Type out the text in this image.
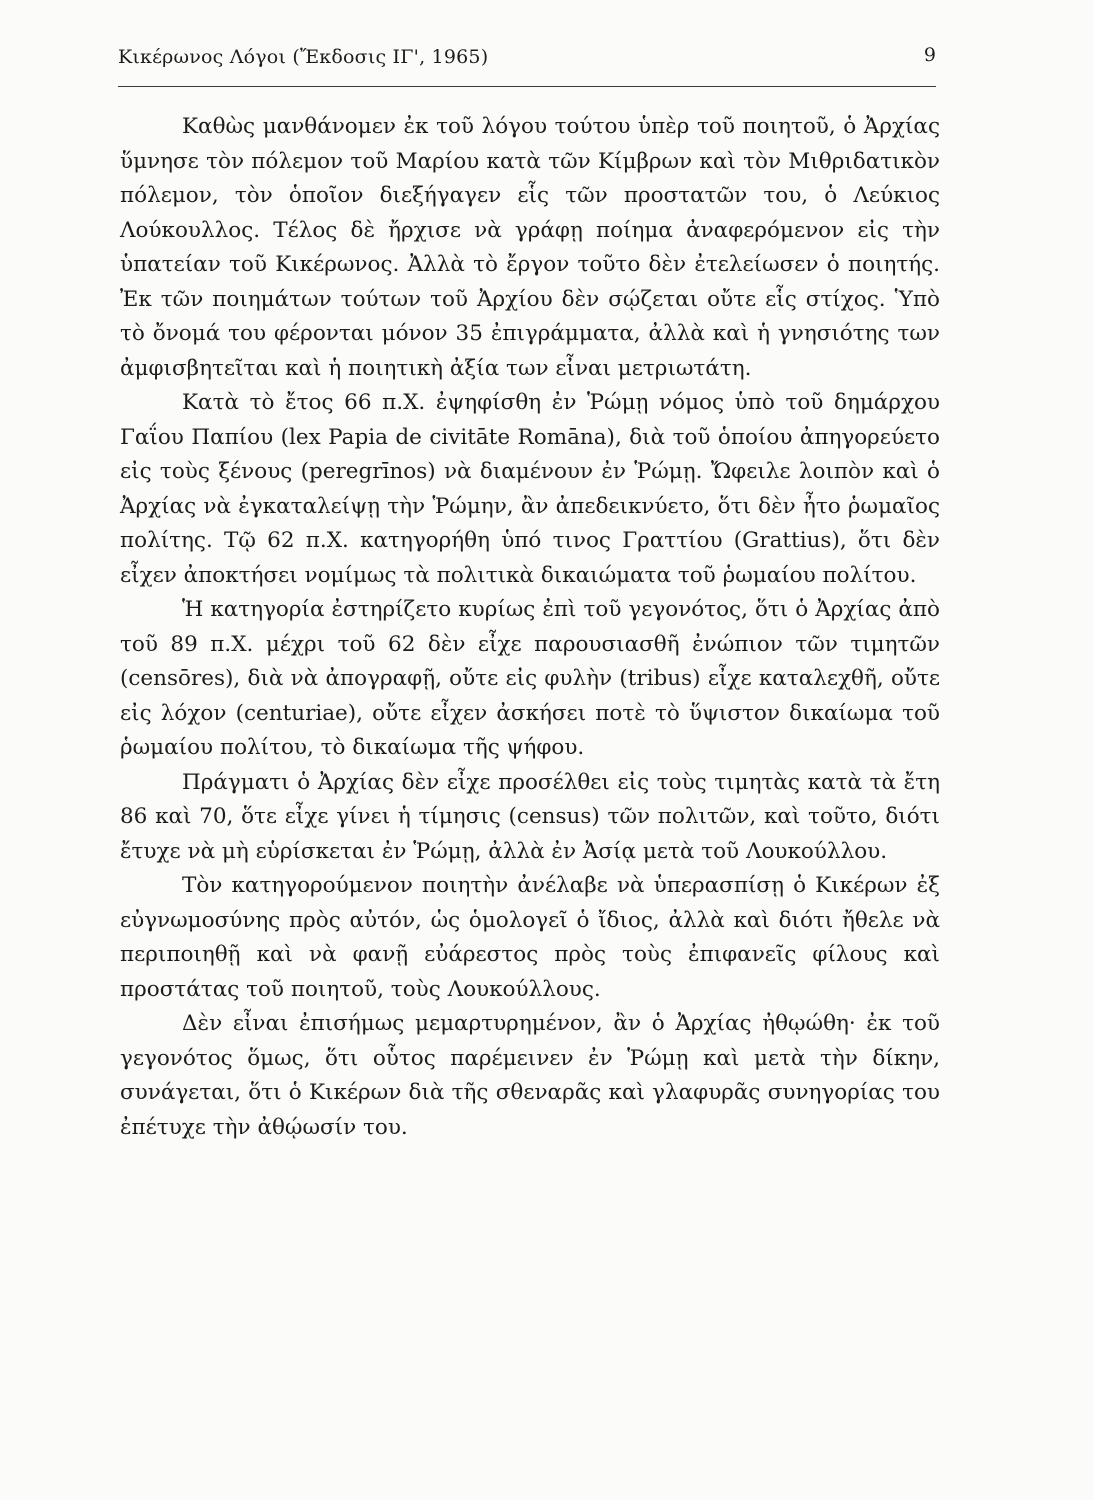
Κικέρωνος Λόγοι (Ἔκδοσις ΙΓ', 1965)	9

Καθὼς μανθάνομεν ἐκ τοῦ λόγου τούτου ὑπὲρ τοῦ ποιητοῦ, ὁ Ἀρχίας ὕμνησε τὸν πόλεμον τοῦ Μαρίου κατὰ τῶν Κίμβρων καὶ τὸν Μιθριδατικὸν πόλεμον, τὸν ὁποῖον διεξήγαγεν εἷς τῶν προστατῶν του, ὁ Λεύκιος Λούκουλλος. Τέλος δὲ ἤρχισε νὰ γράφῃ ποίημα ἀναφερόμενον εἰς τὴν ὑπατείαν τοῦ Κικέρωνος. Ἀλλὰ τὸ ἔργον τοῦτο δὲν ἐτελείωσεν ὁ ποιητής. Ἐκ τῶν ποιημάτων τούτων τοῦ Ἀρχίου δὲν σῴζεται οὔτε εἷς στίχος. Ὑπὸ τὸ ὄνομά του φέρονται μόνον 35 ἐπιγράμματα, ἀλλὰ καὶ ἡ γνησιότης των ἀμφισβητεῖται καὶ ἡ ποιητικὴ ἀξία των εἶναι μετριωτάτη.

Κατὰ τὸ ἔτος 66 π.Χ. ἐψηφίσθη ἐν Ῥώμῃ νόμος ὑπὸ τοῦ δημάρχου Γαΐου Παπίου (lex Papia de civitāte Romāna), διὰ τοῦ ὁποίου ἀπηγορεύετο εἰς τοὺς ξένους (peregrīnos) νὰ διαμένουν ἐν Ῥώμῃ. Ὤφειλε λοιπὸν καὶ ὁ Ἀρχίας νὰ ἐγκαταλείψῃ τὴν Ῥώμην, ἂν ἀπεδεικνύετο, ὅτι δὲν ἦτο ῥωμαῖος πολίτης. Τῷ 62 π.Χ. κατηγορήθη ὑπό τινος Γραττίου (Grattius), ὅτι δὲν εἶχεν ἀποκτήσει νομίμως τὰ πολιτικὰ δικαιώματα τοῦ ῥωμαίου πολίτου.

Ἡ κατηγορία ἐστηρίζετο κυρίως ἐπὶ τοῦ γεγονότος, ὅτι ὁ Ἀρχίας ἀπὸ τοῦ 89 π.Χ. μέχρι τοῦ 62 δὲν εἶχε παρουσιασθῆ ἐνώπιον τῶν τιμητῶν (censōres), διὰ νὰ ἀπογραφῇ, οὔτε εἰς φυλὴν (tribus) εἶχε καταλεχθῆ, οὔτε εἰς λόχον (centuriae), οὔτε εἶχεν ἀσκήσει ποτὲ τὸ ὕψιστον δικαίωμα τοῦ ῥωμαίου πολίτου, τὸ δικαίωμα τῆς ψήφου.

Πράγματι ὁ Ἀρχίας δὲν εἶχε προσέλθει εἰς τοὺς τιμητὰς κατὰ τὰ ἔτη 86 καὶ 70, ὅτε εἶχε γίνει ἡ τίμησις (census) τῶν πολιτῶν, καὶ τοῦτο, διότι ἔτυχε νὰ μὴ εὑρίσκεται ἐν Ῥώμῃ, ἀλλὰ ἐν Ἀσίᾳ μετὰ τοῦ Λουκούλλου.

Τὸν κατηγορούμενον ποιητὴν ἀνέλαβε νὰ ὑπερασπίσῃ ὁ Κικέρων ἐξ εὐγνωμοσύνης πρὸς αὐτόν, ὡς ὁμολογεῖ ὁ ἴδιος, ἀλλὰ καὶ διότι ἤθελε νὰ περιποιηθῇ καὶ νὰ φανῇ εὐάρεστος πρὸς τοὺς ἐπιφανεῖς φίλους καὶ προστάτας τοῦ ποιητοῦ, τοὺς Λουκούλλους.

Δὲν εἶναι ἐπισήμως μεμαρτυρημένον, ἂν ὁ Ἀρχίας ἠθῳώθη· ἐκ τοῦ γεγονότος ὅμως, ὅτι οὗτος παρέμεινεν ἐν Ῥώμῃ καὶ μετὰ τὴν δίκην, συνάγεται, ὅτι ὁ Κικέρων διὰ τῆς σθεναρᾶς καὶ γλαφυρᾶς συνηγορίας του ἐπέτυχε τὴν ἀθῴωσίν του.
